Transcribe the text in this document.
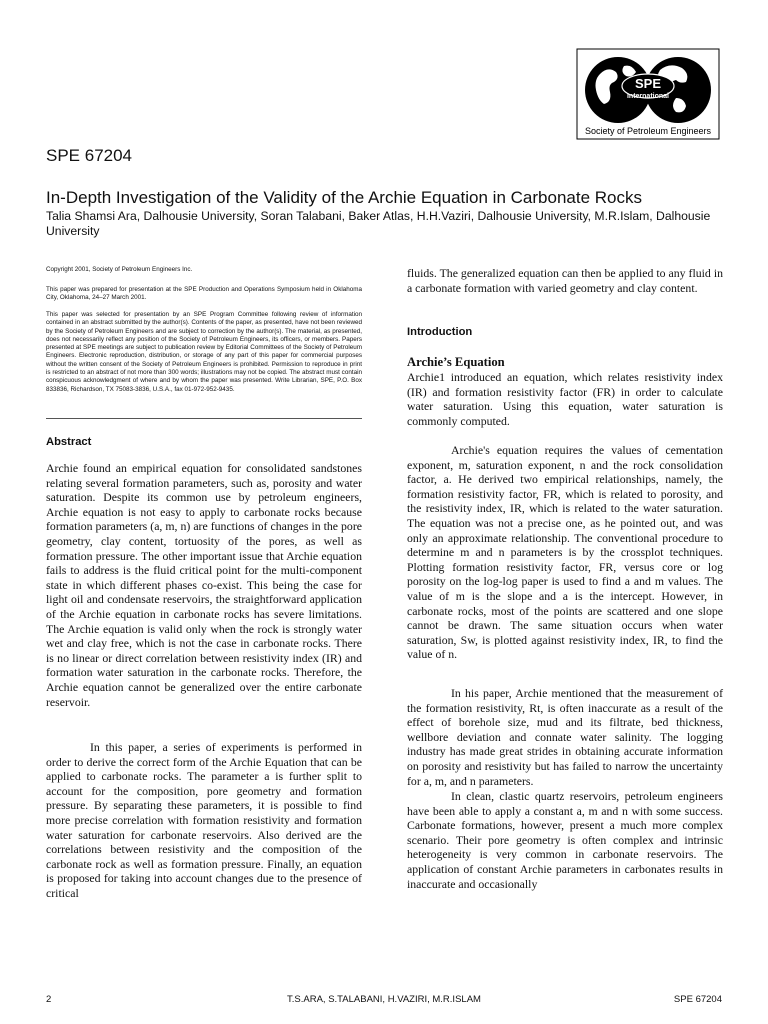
SPE
International
Society of Petroleum Engineers
SPE 67204
In-Depth Investigation of the Validity of the Archie Equation in Carbonate Rocks
Talia Shamsi Ara, Dalhousie University, Soran Talabani, Baker Atlas, H.H.Vaziri, Dalhousie University, M.R.Islam, Dalhousie University
Copyright 2001, Society of Petroleum Engineers Inc.
This paper was prepared for presentation at the SPE Production and Operations Symposium held in Oklahoma City, Oklahoma, 24–27 March 2001.
This paper was selected for presentation by an SPE Program Committee following review of information contained in an abstract submitted by the author(s). Contents of the paper, as presented, have not been reviewed by the Society of Petroleum Engineers and are subject to correction by the author(s). The material, as presented, does not necessarily reflect any position of the Society of Petroleum Engineers, its officers, or members. Papers presented at SPE meetings are subject to publication review by Editorial Committees of the Society of Petroleum Engineers. Electronic reproduction, distribution, or storage of any part of this paper for commercial purposes without the written consent of the Society of Petroleum Engineers is prohibited. Permission to reproduce in print is restricted to an abstract of not more than 300 words; illustrations may not be copied. The abstract must contain conspicuous acknowledgment of where and by whom the paper was presented. Write Librarian, SPE, P.O. Box 833836, Richardson, TX 75083-3836, U.S.A., fax 01-972-952-9435.
Abstract
Archie found an empirical equation for consolidated sandstones relating several formation parameters, such as, porosity and water saturation. Despite its common use by petroleum engineers, Archie equation is not easy to apply to carbonate rocks because formation parameters (a, m, n) are functions of changes in the pore geometry, clay content, tortuosity of the pores, as well as formation pressure. The other important issue that Archie equation fails to address is the fluid critical point for the multi-component state in which different phases co-exist. This being the case for light oil and condensate reservoirs, the straightforward application of the Archie equation in carbonate rocks has severe limitations. The Archie equation is valid only when the rock is strongly water wet and clay free, which is not the case in carbonate rocks. There is no linear or direct correlation between resistivity index (IR) and formation water saturation in the carbonate rocks. Therefore, the Archie equation cannot be generalized over the entire carbonate reservoir.
In this paper, a series of experiments is performed in order to derive the correct form of the Archie Equation that can be applied to carbonate rocks. The parameter a is further split to account for the composition, pore geometry and formation pressure. By separating these parameters, it is possible to find more precise correlation with formation resistivity and formation water saturation for carbonate reservoirs. Also derived are the correlations between resistivity and the composition of the carbonate rock as well as formation pressure. Finally, an equation is proposed for taking into account changes due to the presence of critical
fluids. The generalized equation can then be applied to any fluid in a carbonate formation with varied geometry and clay content.
Introduction
Archie’s Equation
Archie1 introduced an equation, which relates resistivity index (IR) and formation resistivity factor (FR) in order to calculate water saturation. Using this equation, water saturation is commonly computed.
Archie's equation requires the values of cementation exponent, m, saturation exponent, n and the rock consolidation factor, a. He derived two empirical relationships, namely, the formation resistivity factor, FR, which is related to porosity, and the resistivity index, IR, which is related to the water saturation. The equation was not a precise one, as he pointed out, and was only an approximate relationship. The conventional procedure to determine m and n parameters is by the crossplot techniques. Plotting formation resistivity factor, FR, versus core or log porosity on the log-log paper is used to find a and m values. The value of m is the slope and a is the intercept. However, in carbonate rocks, most of the points are scattered and one slope cannot be drawn. The same situation occurs when water saturation, Sw, is plotted against resistivity index, IR, to find the value of n.
In his paper, Archie mentioned that the measurement of the formation resistivity, Rt, is often inaccurate as a result of the effect of borehole size, mud and its filtrate, bed thickness, wellbore deviation and connate water salinity. The logging industry has made great strides in obtaining accurate information on porosity and resistivity but has failed to narrow the uncertainty for a, m, and n parameters.
In clean, clastic quartz reservoirs, petroleum engineers have been able to apply a constant a, m and n with some success. Carbonate formations, however, present a much more complex scenario. Their pore geometry is often complex and intrinsic heterogeneity is very common in carbonate reservoirs. The application of constant Archie parameters in carbonates results in inaccurate and occasionally
2	T.S.ARA, S.TALABANI, H.VAZIRI, M.R.ISLAM	SPE 67204
